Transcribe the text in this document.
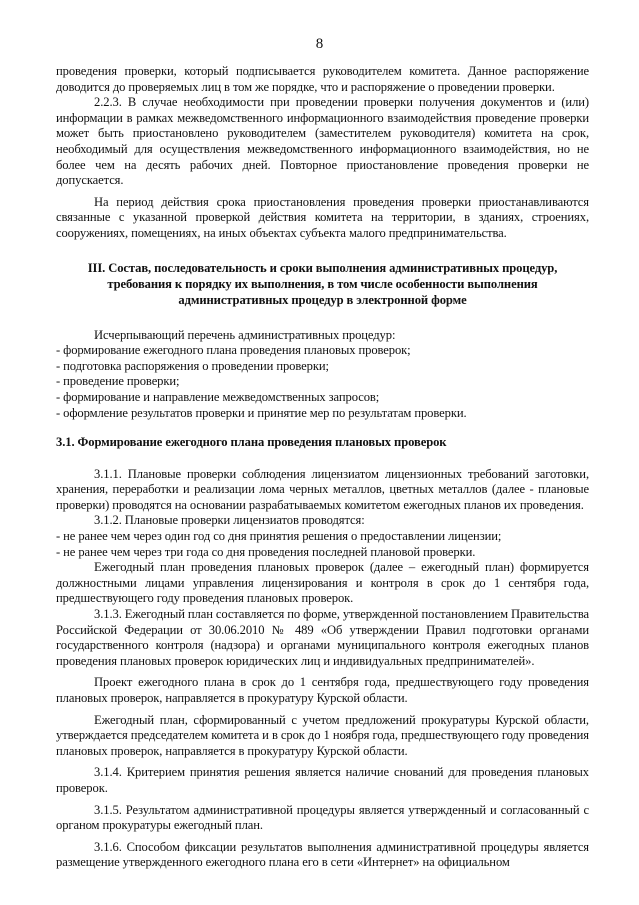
8

проведения проверки, который подписывается руководителем комитета. Данное распоряжение доводится до проверяемых лиц в том же порядке, что и распоряжение о проведении проверки.

2.2.3. В случае необходимости при проведении проверки получения документов и (или) информации в рамках межведомственного информационного взаимодействия проведение проверки может быть приостановлено руководителем (заместителем руководителя) комитета на срок, необходимый для осуществления межведомственного информационного взаимодействия, но не более чем на десять рабочих дней. Повторное приостановление проведения проверки не допускается.

На период действия срока приостановления проведения проверки приостанавливаются связанные с указанной проверкой действия комитета на территории, в зданиях, строениях, сооружениях, помещениях, на иных объектах субъекта малого предпринимательства.

III. Состав, последовательность и сроки выполнения административных процедур, требования к порядку их выполнения, в том числе особенности выполнения административных процедур в электронной форме

Исчерпывающий перечень административных процедур:

- формирование ежегодного плана проведения плановых проверок;
- подготовка распоряжения о проведении проверки;
- проведение проверки;
- формирование и направление межведомственных запросов;
- оформление результатов проверки и принятие мер по результатам проверки.
3.1. Формирование ежегодного плана проведения плановых проверок

3.1.1. Плановые проверки соблюдения лицензиатом лицензионных требований заготовки, хранения, переработки и реализации лома черных металлов, цветных металлов (далее - плановые проверки) проводятся на основании разрабатываемых комитетом ежегодных планов их проведения.

3.1.2. Плановые проверки лицензиатов проводятся:

- не ранее чем через один год со дня принятия решения о предоставлении лицензии;
- не ранее чем через три года со дня проведения последней плановой проверки.

Ежегодный план проведения плановых проверок (далее – ежегодный план) формируется должностными лицами управления лицензирования и контроля в срок до 1 сентября года, предшествующего году проведения плановых проверок.

3.1.3. Ежегодный план составляется по форме, утвержденной постановлением Правительства Российской Федерации от 30.06.2010 № 489 «Об утверждении Правил подготовки органами государственного контроля (надзора) и органами муниципального контроля ежегодных планов проведения плановых проверок юридических лиц и индивидуальных предпринимателей».

Проект ежегодного плана в срок до 1 сентября года, предшествующего году проведения плановых проверок, направляется в прокуратуру Курской области.

Ежегодный план, сформированный с учетом предложений прокуратуры Курской области, утверждается председателем комитета и в срок до 1 ноября года, предшествующего году проведения плановых проверок, направляется в прокуратуру Курской области.

3.1.4. Критерием принятия решения является наличие снований для проведения плановых проверок.

3.1.5. Результатом административной процедуры является утвержденный и согласованный с органом прокуратуры ежегодный план.

3.1.6. Способом фиксации результатов выполнения административной процедуры является размещение утвержденного ежегодного плана его в сети «Интернет» на официальном
